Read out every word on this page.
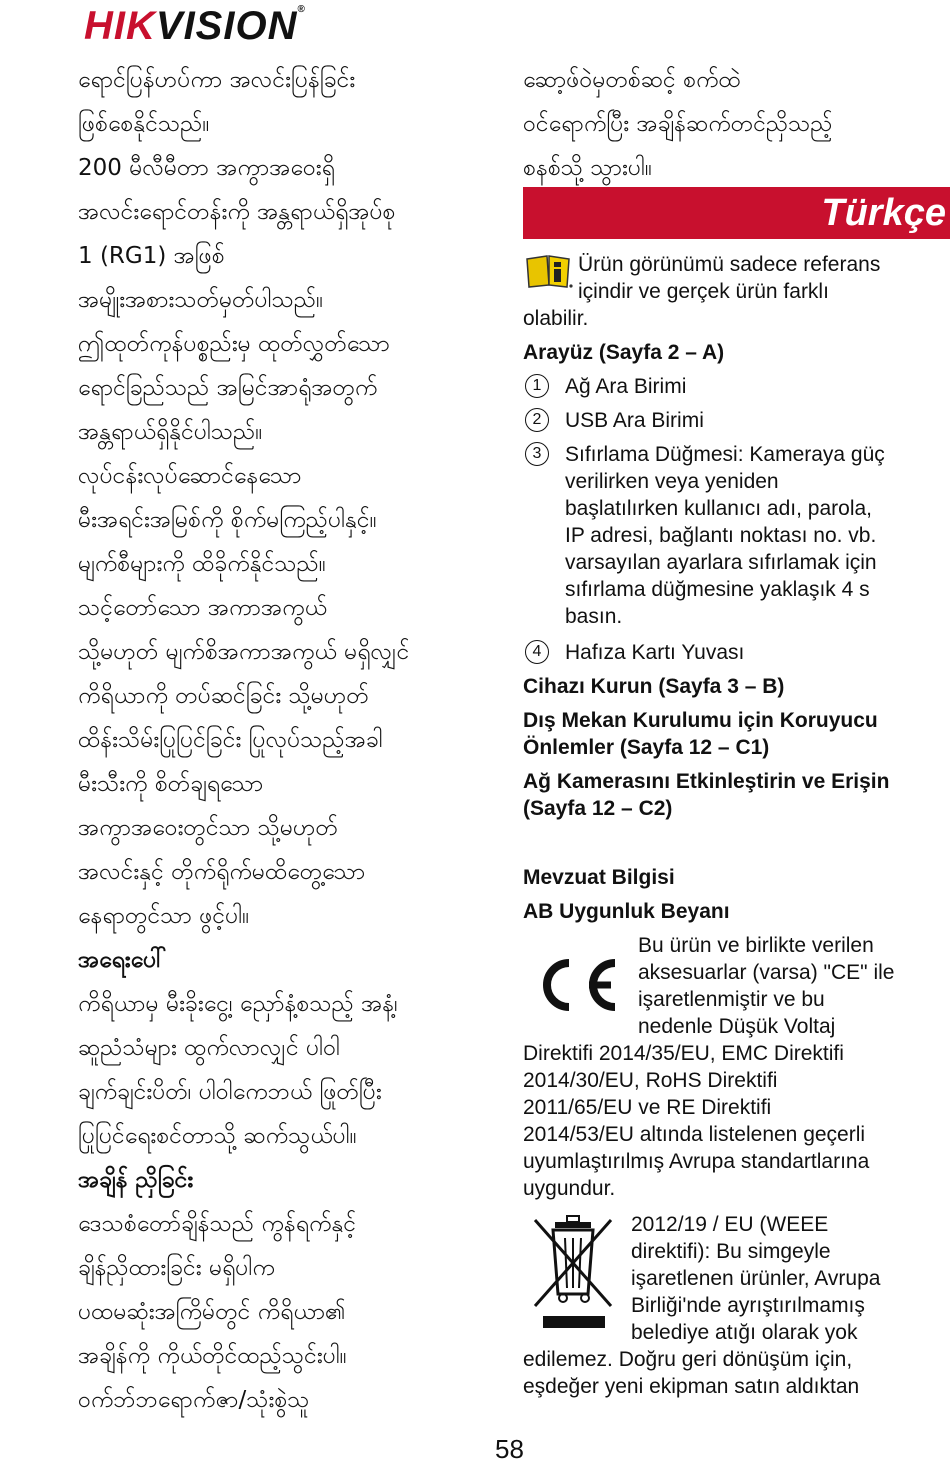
HIKVISION®

ရောင်ပြန်ဟပ်ကာ အလင်းပြန်ခြင်း

ဖြစ်စေနိုင်သည်။

200 မီလီမီတာ အကွာအဝေးရှိ

အလင်းရောင်တန်းကို အန္တရာယ်ရှိအုပ်စု

1 (RG1) အဖြစ်

အမျိုးအစားသတ်မှတ်ပါသည်။

ဤထုတ်ကုန်ပစ္စည်းမှ ထုတ်လွှတ်သော

ရောင်ခြည်သည် အမြင်အာရုံအတွက်

အန္တရာယ်ရှိနိုင်ပါသည်။

လုပ်ငန်းလုပ်ဆောင်နေသော

မီးအရင်းအမြစ်ကို စိုက်မကြည့်ပါနှင့်။

မျက်စီများကို ထိခိုက်နိုင်သည်။

သင့်တော်သော အကာအကွယ်

သို့မဟုတ် မျက်စိအကာအကွယ် မရှိလျှင်

ကိရိယာကို တပ်ဆင်ခြင်း သို့မဟုတ်

ထိန်းသိမ်းပြုပြင်ခြင်း ပြုလုပ်သည့်အခါ

မီးသီးကို စိတ်ချရသော

အကွာအဝေးတွင်သာ သို့မဟုတ်

အလင်းနှင့် တိုက်ရိုက်မထိတွေ့သော

နေရာတွင်သာ ဖွင့်ပါ။

အရေးပေါ်

ကိရိယာမှ မီးခိုးငွေ့၊ ညှော်နံ့စသည့် အနံ့၊

ဆူညံသံများ ထွက်လာလျှင် ပါဝါ

ချက်ချင်းပိတ်၊ ပါဝါကေဘယ် ဖြုတ်ပြီး

ပြုပြင်ရေးစင်တာသို့ ဆက်သွယ်ပါ။

အချိန် ညှိခြင်း

ဒေသစံတော်ချိန်သည် ကွန်ရက်နှင့်

ချိန်ညှိထားခြင်း မရှိပါက

ပထမဆုံးအကြိမ်တွင် ကိရိယာ၏

အချိန်ကို ကိုယ်တိုင်ထည့်သွင်းပါ။

ဝက်ဘ်ဘရောက်ဇာ/သုံးစွဲသူ

ဆော့ဖ်ဝဲမှတစ်ဆင့် စက်ထဲ
ဝင်ရောက်ပြီး အချိန်ဆက်တင်ညှိသည့်
စနစ်သို့ သွားပါ။
Türkçe
Ürün görünümü sadece referans
içindir ve gerçek ürün farklı
olabilir.
Arayüz (Sayfa 2 – A)
1	Ağ Ara Birimi
2	USB Ara Birimi
3	Sıfırlama Düğmesi: Kameraya güç
verilirken veya yeniden
başlatılırken kullanıcı adı, parola,
IP adresi, bağlantı noktası no. vb.
varsayılan ayarlara sıfırlamak için
sıfırlama düğmesine yaklaşık 4 s
basın.
4	Hafıza Kartı Yuvası
Cihazı Kurun (Sayfa 3 – B)
Dış Mekan Kurulumu için Koruyucu
Önlemler (Sayfa 12 – C1)
Ağ Kamerasını Etkinleştirin ve Erişin
(Sayfa 12 – C2)
Mevzuat Bilgisi
AB Uygunluk Beyanı
Bu ürün ve birlikte verilen
aksesuarlar (varsa) "CE" ile
işaretlenmiştir ve bu
nedenle Düşük Voltaj
Direktifi 2014/35/EU, EMC Direktifi
2014/30/EU, RoHS Direktifi
2011/65/EU ve RE Direktifi
2014/53/EU altında listelenen geçerli
uyumlaştırılmış Avrupa standartlarına
uygundur.
2012/19 / EU (WEEE
direktifi): Bu simgeyle
işaretlenen ürünler, Avrupa
Birliği'nde ayrıştırılmamış
belediye atığı olarak yok
edilemez. Doğru geri dönüşüm için,
eşdeğer yeni ekipman satın aldıktan
58
